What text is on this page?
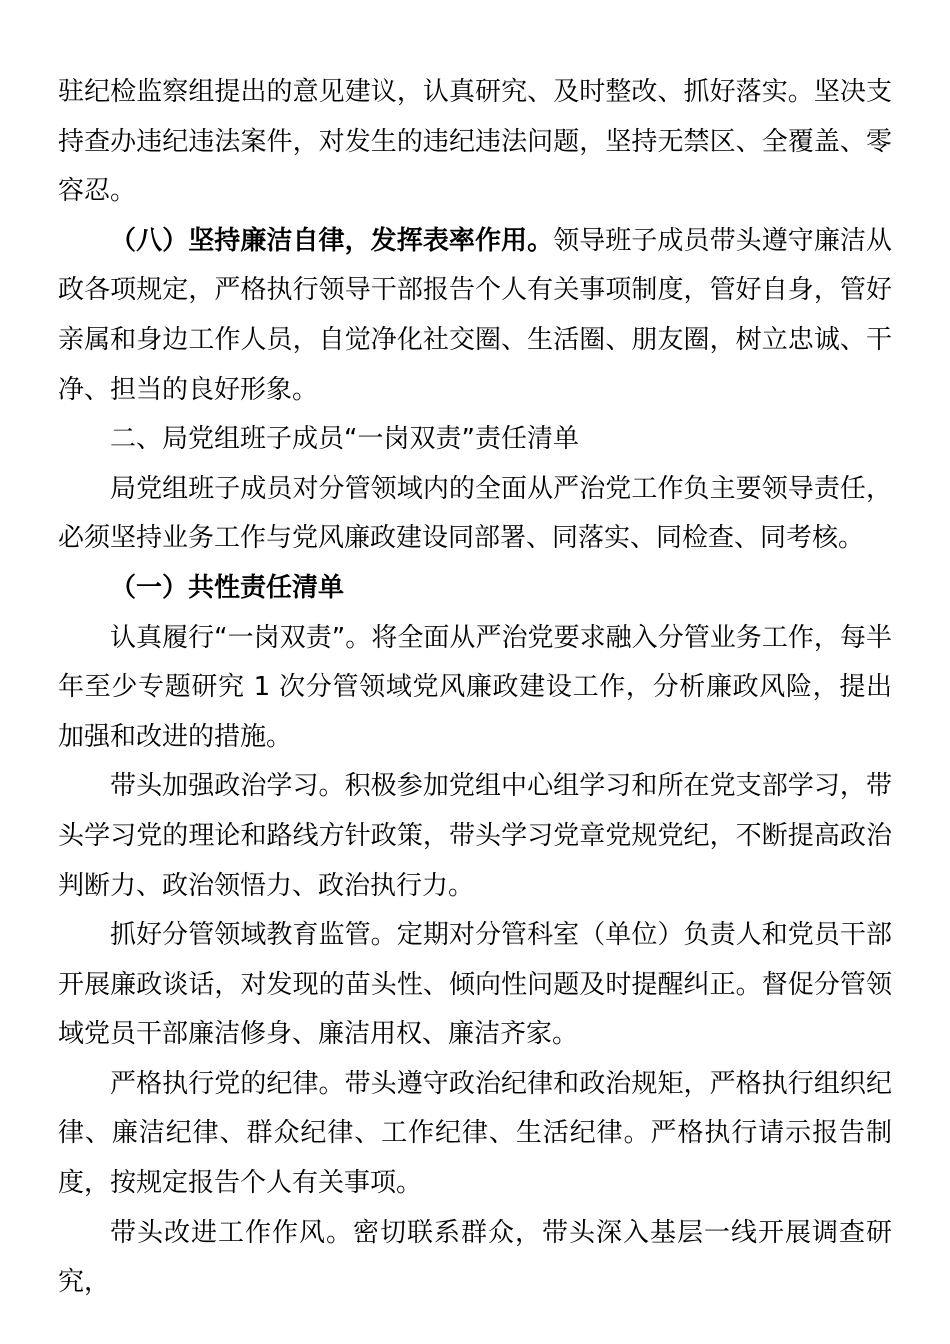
驻纪检监察组提出的意见建议，认真研究、及时整改、抓好落实。坚决支持查办违纪违法案件，对发生的违纪违法问题，坚持无禁区、全覆盖、零容忍。

（八）坚持廉洁自律，发挥表率作用。领导班子成员带头遵守廉洁从政各项规定，严格执行领导干部报告个人有关事项制度，管好自身，管好亲属和身边工作人员，自觉净化社交圈、生活圈、朋友圈，树立忠诚、干净、担当的良好形象。

二、局党组班子成员“一岗双责”责任清单

局党组班子成员对分管领域内的全面从严治党工作负主要领导责任，必须坚持业务工作与党风廉政建设同部署、同落实、同检查、同考核。

（一）共性责任清单

认真履行“一岗双责”。将全面从严治党要求融入分管业务工作，每半年至少专题研究 1 次分管领域党风廉政建设工作，分析廉政风险，提出加强和改进的措施。

带头加强政治学习。积极参加党组中心组学习和所在党支部学习，带头学习党的理论和路线方针政策，带头学习党章党规党纪，不断提高政治判断力、政治领悟力、政治执行力。

抓好分管领域教育监管。定期对分管科室（单位）负责人和党员干部开展廉政谈话，对发现的苗头性、倾向性问题及时提醒纠正。督促分管领域党员干部廉洁修身、廉洁用权、廉洁齐家。

严格执行党的纪律。带头遵守政治纪律和政治规矩，严格执行组织纪律、廉洁纪律、群众纪律、工作纪律、生活纪律。严格执行请示报告制度，按规定报告个人有关事项。

带头改进工作作风。密切联系群众，带头深入基层一线开展调查研究，
